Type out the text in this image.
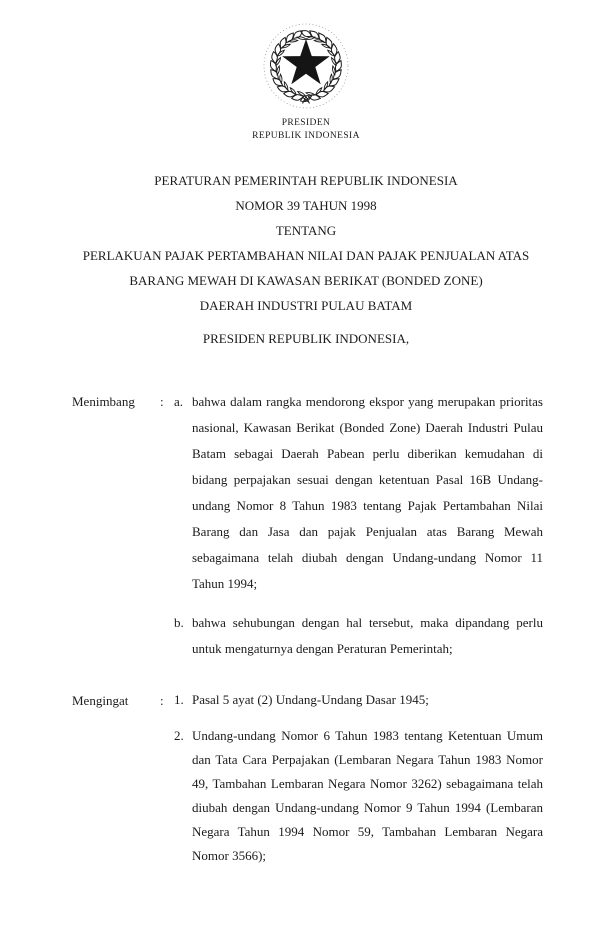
PRESIDEN
REPUBLIK INDONESIA
PERATURAN PEMERINTAH REPUBLIK INDONESIA
NOMOR 39 TAHUN 1998
TENTANG
PERLAKUAN PAJAK PERTAMBAHAN NILAI DAN PAJAK PENJUALAN ATAS
BARANG MEWAH DI KAWASAN BERIKAT (BONDED ZONE)
DAERAH INDUSTRI PULAU BATAM
PRESIDEN REPUBLIK INDONESIA,
Menimbang	: a. bahwa dalam rangka mendorong ekspor yang merupakan prioritas nasional, Kawasan Berikat (Bonded Zone) Daerah Industri Pulau Batam sebagai Daerah Pabean perlu diberikan kemudahan di bidang perpajakan sesuai dengan ketentuan Pasal 16B Undang-undang Nomor 8 Tahun 1983 tentang Pajak Pertambahan Nilai Barang dan Jasa dan pajak Penjualan atas Barang Mewah sebagaimana telah diubah dengan Undang-undang Nomor 11 Tahun 1994;
b. bahwa sehubungan dengan hal tersebut, maka dipandang perlu untuk mengaturnya dengan Peraturan Pemerintah;
Mengingat	: 1. Pasal 5 ayat (2) Undang-Undang Dasar 1945;
2. Undang-undang Nomor 6 Tahun 1983 tentang Ketentuan Umum dan Tata Cara Perpajakan (Lembaran Negara Tahun 1983 Nomor 49, Tambahan Lembaran Negara Nomor 3262) sebagaimana telah diubah dengan Undang-undang Nomor 9 Tahun 1994 (Lembaran Negara Tahun 1994 Nomor 59, Tambahan Lembaran Negara Nomor 3566);
